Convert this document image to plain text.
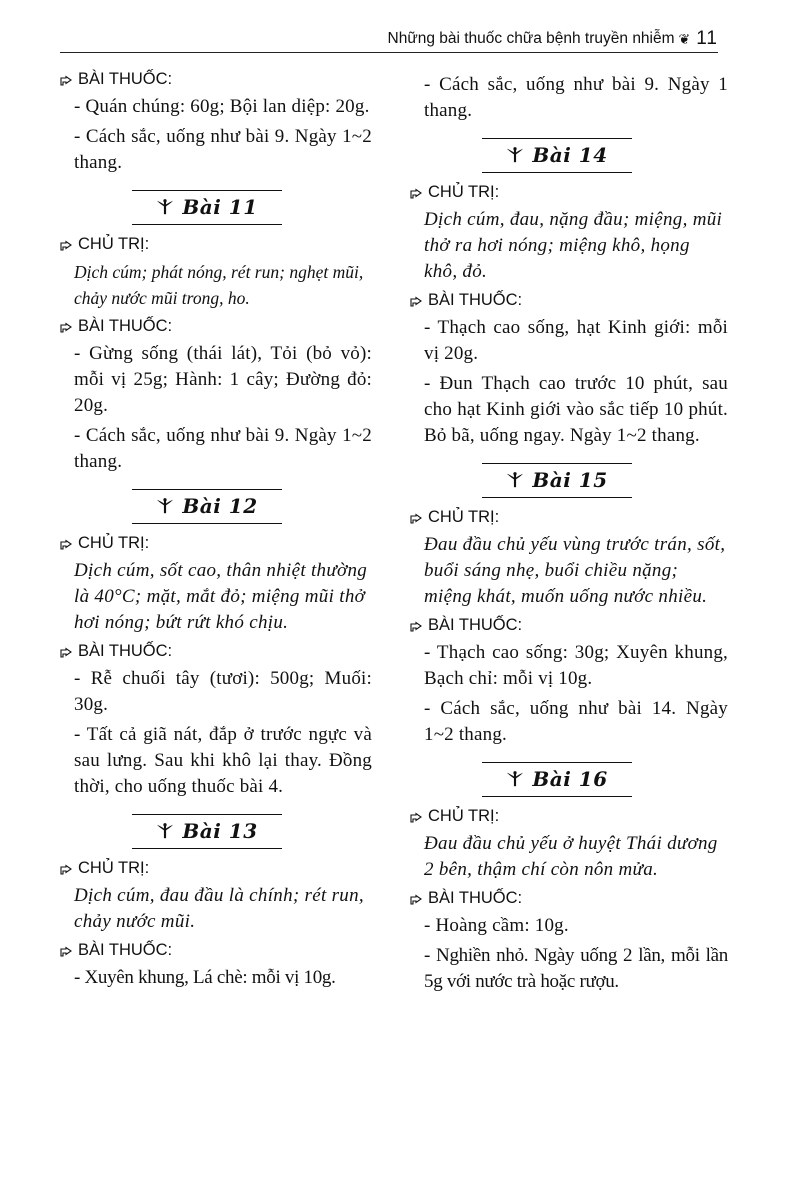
Những bài thuốc chữa bệnh truyền nhiễm ❦ 11
BÀI THUỐC:
- Quán chúng: 60g; Bội lan diệp: 20g.
- Cách sắc, uống như bài 9. Ngày 1~2 thang.
Bài 11
CHỦ TRỊ:
Dịch cúm; phát nóng, rét run; nghẹt mũi, chảy nước mũi trong, ho.
BÀI THUỐC:
- Gừng sống (thái lát), Tỏi (bỏ vỏ): mỗi vị 25g; Hành: 1 cây; Đường đỏ: 20g.
- Cách sắc, uống như bài 9. Ngày 1~2 thang.
Bài 12
CHỦ TRỊ:
Dịch cúm, sốt cao, thân nhiệt thường là 40°C; mặt, mắt đỏ; miệng mũi thở hơi nóng; bứt rứt khó chịu.
BÀI THUỐC:
- Rễ chuối tây (tươi): 500g; Muối: 30g.
- Tất cả giã nát, đắp ở trước ngực và sau lưng. Sau khi khô lại thay. Đồng thời, cho uống thuốc bài 4.
Bài 13
CHỦ TRỊ:
Dịch cúm, đau đầu là chính; rét run, chảy nước mũi.
BÀI THUỐC:
- Xuyên khung, Lá chè: mỗi vị 10g.
- Cách sắc, uống như bài 9. Ngày 1 thang.
Bài 14
CHỦ TRỊ:
Dịch cúm, đau, nặng đầu; miệng, mũi thở ra hơi nóng; miệng khô, họng khô, đỏ.
BÀI THUỐC:
- Thạch cao sống, hạt Kinh giới: mỗi vị 20g.
- Đun Thạch cao trước 10 phút, sau cho hạt Kinh giới vào sắc tiếp 10 phút. Bỏ bã, uống ngay. Ngày 1~2 thang.
Bài 15
CHỦ TRỊ:
Đau đầu chủ yếu vùng trước trán, sốt, buổi sáng nhẹ, buổi chiều nặng; miệng khát, muốn uống nước nhiều.
BÀI THUỐC:
- Thạch cao sống: 30g; Xuyên khung, Bạch chỉ: mỗi vị 10g.
- Cách sắc, uống như bài 14. Ngày 1~2 thang.
Bài 16
CHỦ TRỊ:
Đau đầu chủ yếu ở huyệt Thái dương 2 bên, thậm chí còn nôn mửa.
BÀI THUỐC:
- Hoàng cầm: 10g.
- Nghiền nhỏ. Ngày uống 2 lần, mỗi lần 5g với nước trà hoặc rượu.
